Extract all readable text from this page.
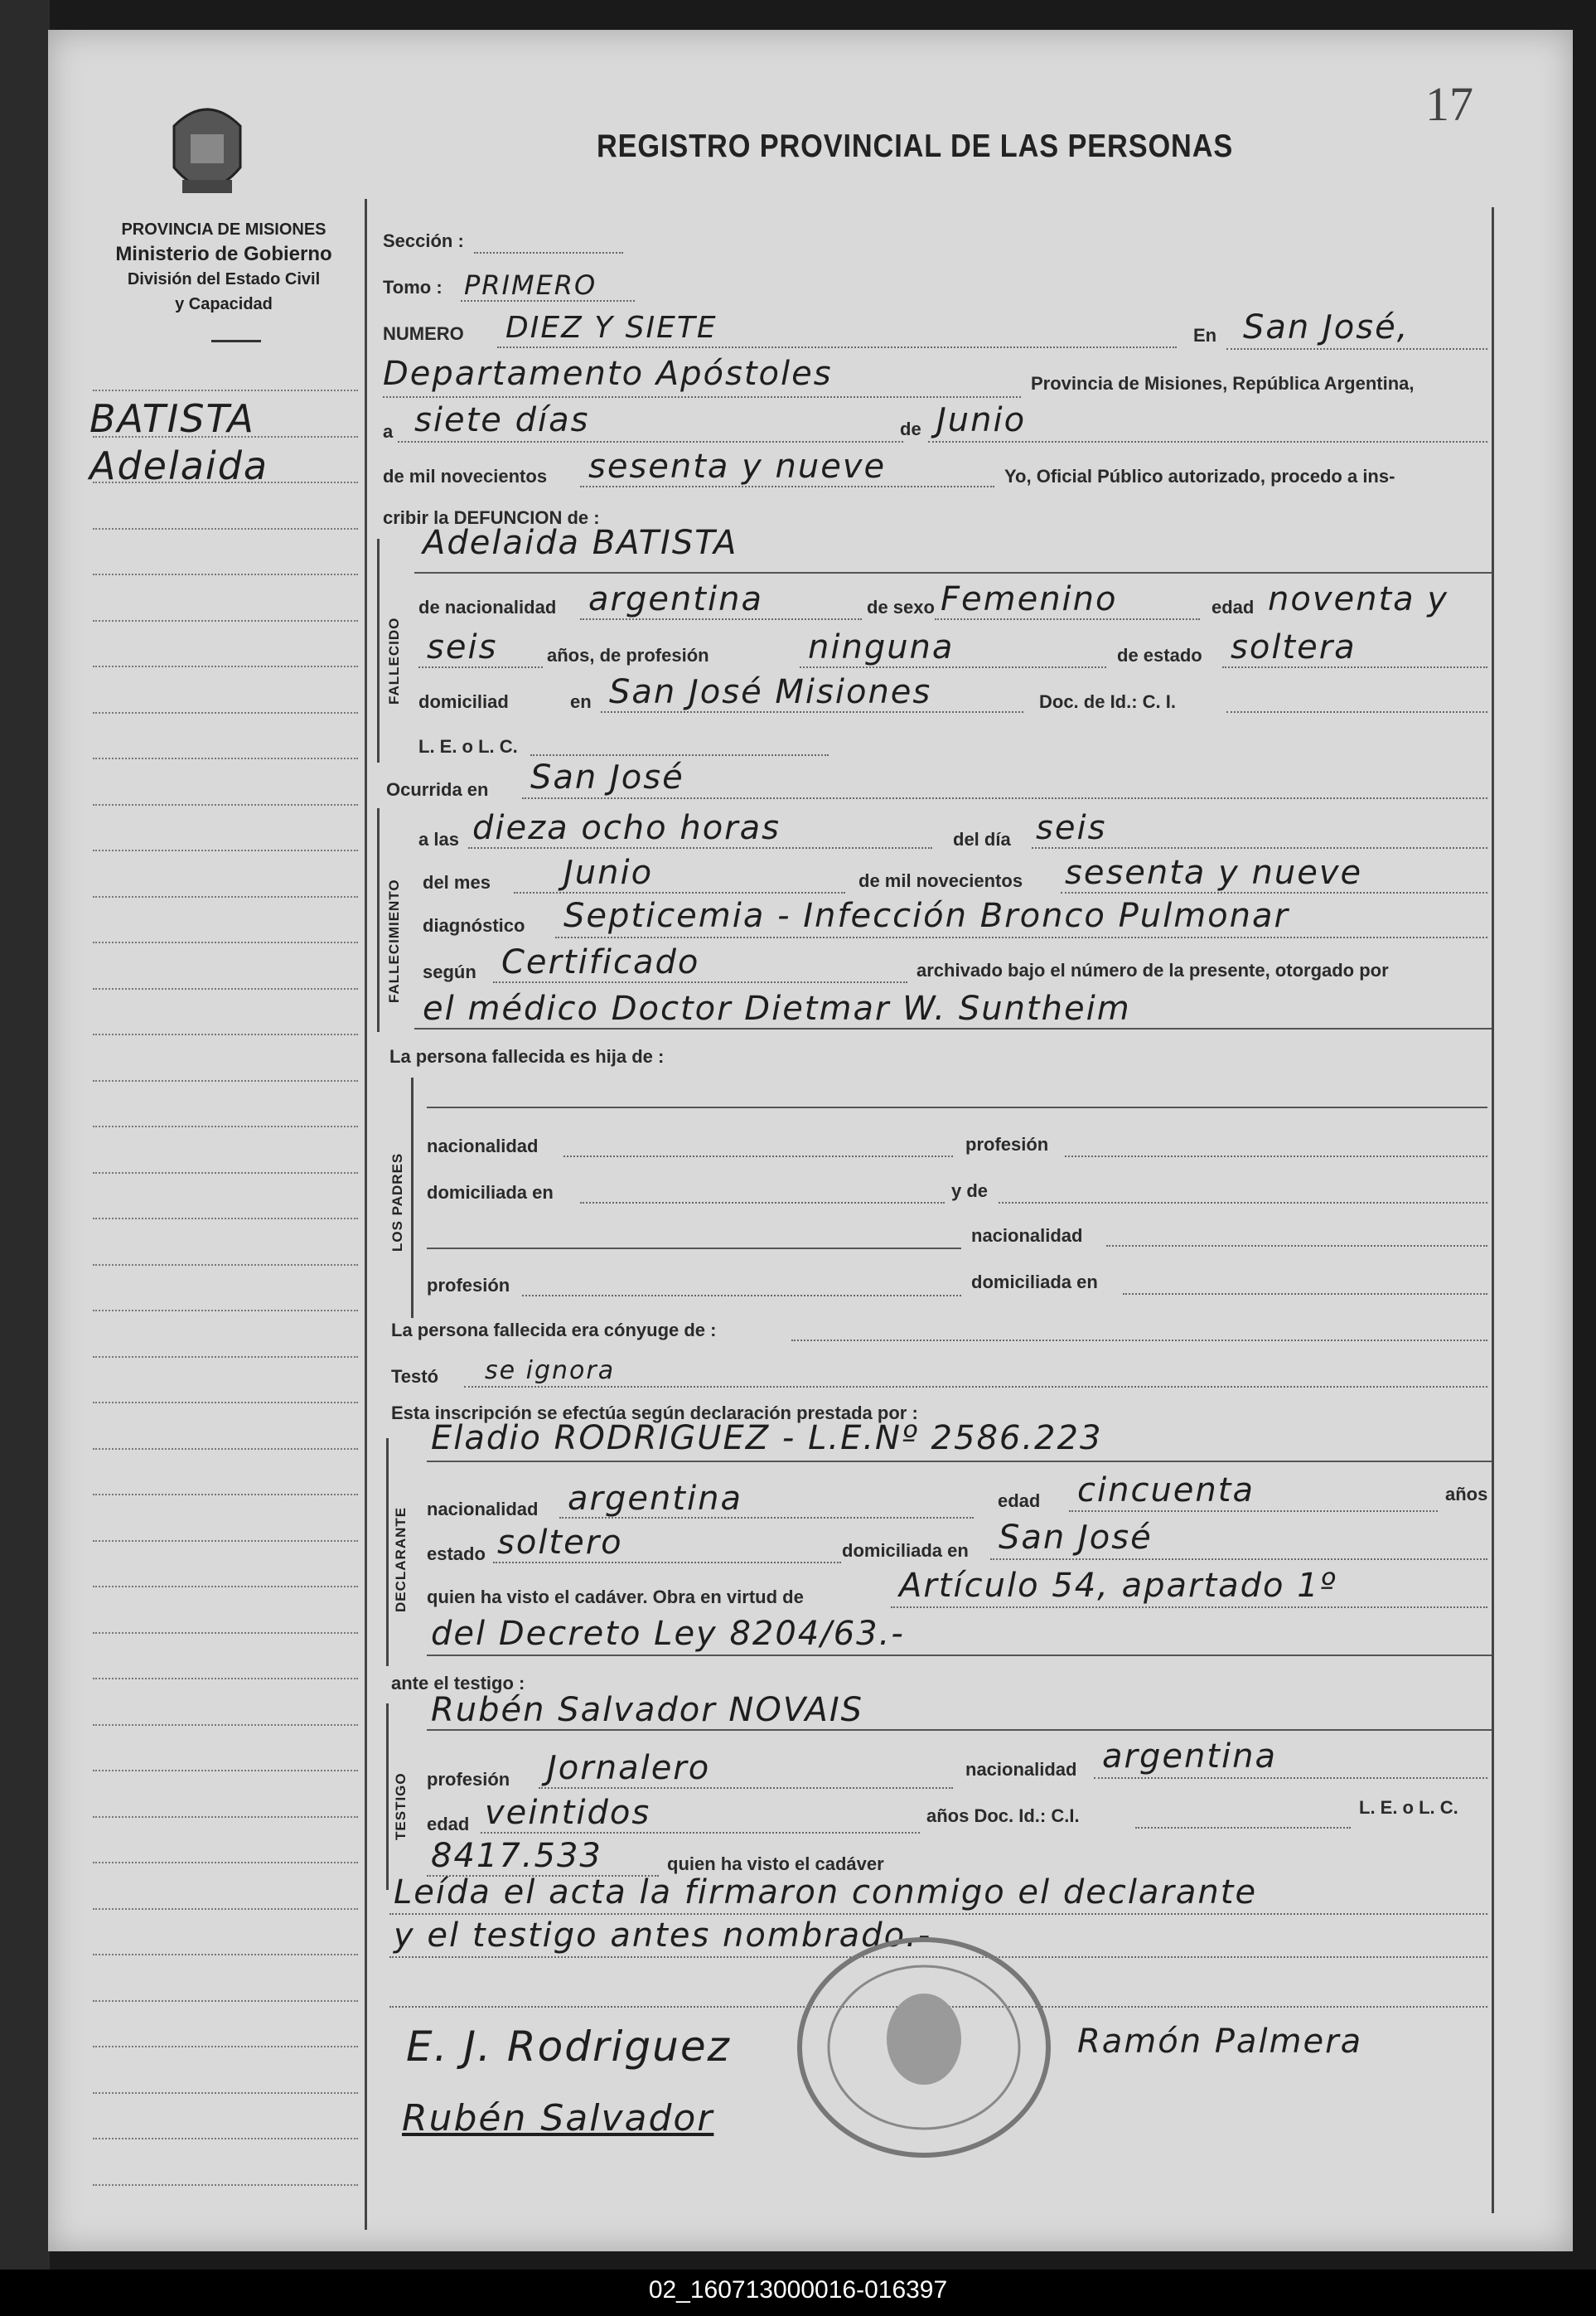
17
PROVINCIA DE MISIONES
Ministerio de Gobierno
División del Estado Civil
y Capacidad
REGISTRO PROVINCIAL DE LAS PERSONAS
BATISTA
Adelaida
Sección :
Tomo : PRIMERO
NUMERO DIEZ Y SIETE	En San José,
Departamento Apóstoles	Provincia de Misiones, República Argentina,
a siete días	de Junio
de mil novecientos sesenta y nueve	Yo, Oficial Público autorizado, procedo a ins-
cribir la DEFUNCION de :
FALLECIDO
Adelaida BATISTA
de nacionalidad argentina	de sexo Femenino	edad noventa y
seis	años, de profesión	ninguna	de estado soltera
domiciliad	en San José Misiones	Doc. de Id.: C. I.
L. E. o L. C.
Ocurrida en San José
FALLECIMIENTO
a las dieza ocho horas	del día seis
del mes Junio	de mil novecientos sesenta y nueve
diagnóstico Septicemia - Infección Bronco Pulmonar
según Certificado	archivado bajo el número de la presente, otorgado por
el médico Doctor Dietmar W. Suntheim
La persona fallecida es hija de :
LOS PADRES
nacionalidad	profesión
domiciliada en	y de
nacionalidad
profesión	domiciliada en
La persona fallecida era cónyuge de :
Testó se ignora
Esta inscripción se efectúa según declaración prestada por :
DECLARANTE
Eladio RODRIGUEZ - L.E.Nº 2586.223
nacionalidad argentina	edad cincuenta	años
estado soltero	domiciliada en San José
quien ha visto el cadáver. Obra en virtud de	Artículo 54, apartado 1º
del Decreto Ley 8204/63.-
ante el testigo :
TESTIGO
Rubén Salvador NOVAIS
profesión Jornalero	nacionalidad argentina
edad veintidos	años Doc. Id.: C.I.	L. E. o L. C.
8417.533	quien ha visto el cadáver
Leída el acta la firmaron conmigo el declarante
y el testigo antes nombrado.-
E. J. Rodriguez
Rubén Salvador
Ramón Palmera
02_160713000016-016397
